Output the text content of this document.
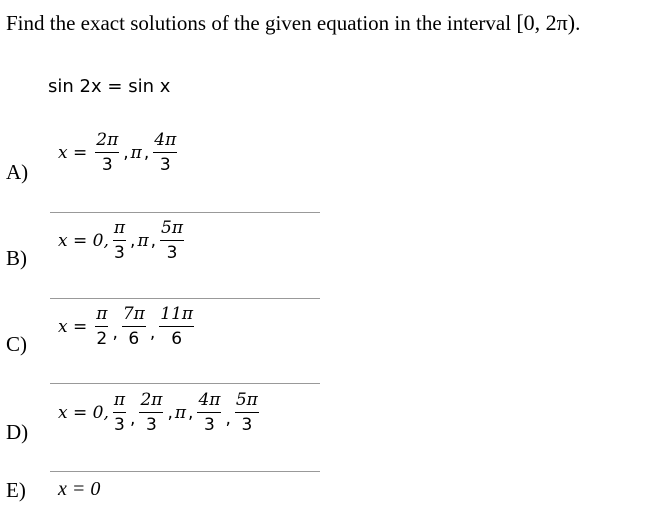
Find the exact solutions of the given equation in the interval [0, 2π).
sin 2x = sin x
A)
$x = \frac{2\pi}{3}$ , π , $\frac{4\pi}{3}$
B)
x = 0, $\frac{\pi}{3}$ , π , $\frac{5\pi}{3}$
C)
$x = \frac{\pi}{2}$ , $\frac{7\pi}{6}$ , $\frac{11\pi}{6}$
D)
x = 0, $\frac{\pi}{3}$ , $\frac{2\pi}{3}$ , π , $\frac{4\pi}{3}$ , $\frac{5\pi}{3}$
E) x = 0
